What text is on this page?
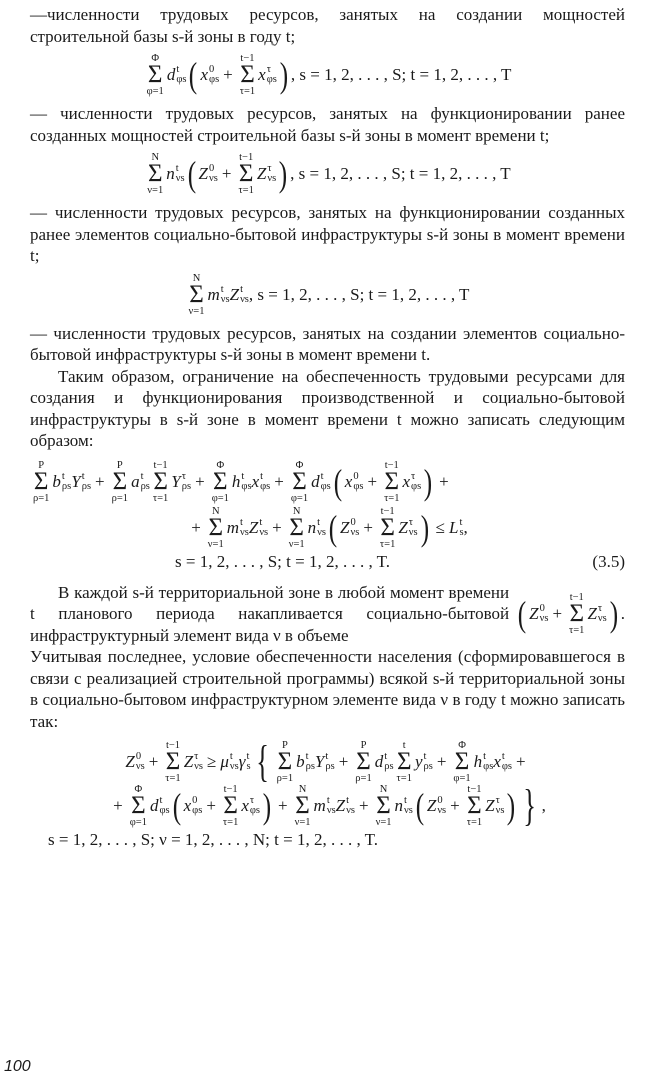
—численности трудовых ресурсов, занятых на создании мощностей строительной базы s-й зоны в году t;

Φ
Σ
φ=1
d t
φs ( x 0
φs +
t−1
Σ
τ=1
x τ
φs ) , s = 1, 2, . . . , S; t = 1, 2, . . . , T

— численности трудовых ресурсов, занятых на функционировании ранее созданных мощностей строительной базы s-й зоны в момент времени t;

N
Σ
ν=1
n t
νs ( Z 0
νs +
t−1
Σ
τ=1
Z τ
νs ) , s = 1, 2, . . . , S; t = 1, 2, . . . , T

— численности трудовых ресурсов, занятых на функционировании созданных ранее элементов социально-бытовой инфраструктуры s-й зоны в момент времени t;

N
Σ
ν=1
m t
νs Z t
νs , s = 1, 2, . . . , S; t = 1, 2, . . . , T

— численности трудовых ресурсов, занятых на создании элементов социально-бытовой инфраструктуры s-й зоны в момент времени t.

Таким образом, ограничение на обеспеченность трудовыми ресурсами для создания и функционирования производственной и социально-бытовой инфраструктуры в s-й зоне в момент времени t можно записать следующим образом:

P
Σ
ρ=1
b t
ρs Y t
ρs +
P
Σ
ρ=1
a t
ρs
t−1
Σ
τ=1
Y τ
ρs +
Φ
Σ
φ=1
h t
φs x t
φs +
Φ
Σ
φ=1
d t
φs ( x 0
φs +
t−1
Σ
τ=1
x τ
φs ) +
+
N
Σ
ν=1
m t
νs Z t
νs +
N
Σ
ν=1
n t
νs ( Z 0
νs +
t−1
Σ
τ=1
Z τ
νs ) ≤ L t
s ,
s = 1, 2, . . . , S; t = 1, 2, . . . , T.	(3.5)

В каждой s-й территориальной зоне в любой момент времени t планового периода накапливается социально-бытовой инфраструктурный элемент вида ν в объеме

( Z 0
νs +
t−1
Σ
τ=1
Z τ
νs ) .

Учитывая последнее, условие обеспеченности населения (сформировавшегося в связи с реализацией строительной программы) всякой s-й территориальной зоны в социально-бытовом инфраструктурном элементе вида ν в году t можно записать так:

Z 0
νs +
t−1
Σ
τ=1
Z τ
νs ≥ μ t
νs γ t
s { P
Σ
ρ=1
b t
ρs Y t
ρs +
P
Σ
ρ=1
d t
ρs
t
Σ
τ=1
y t
ρs +
Φ
Σ
φ=1
h t
φs x t
φs +
+
Φ
Σ
φ=1
d t
φs ( x 0
φs +
t−1
Σ
τ=1
x τ
φs ) +
N
Σ
ν=1
m t
νs Z t
νs +
N
Σ
ν=1
n t
νs ( Z 0
νs +
t−1
Σ
τ=1
Z τ
νs ) } ,
s = 1, 2, . . . , S; ν = 1, 2, . . . , N; t = 1, 2, . . . , T.
100
